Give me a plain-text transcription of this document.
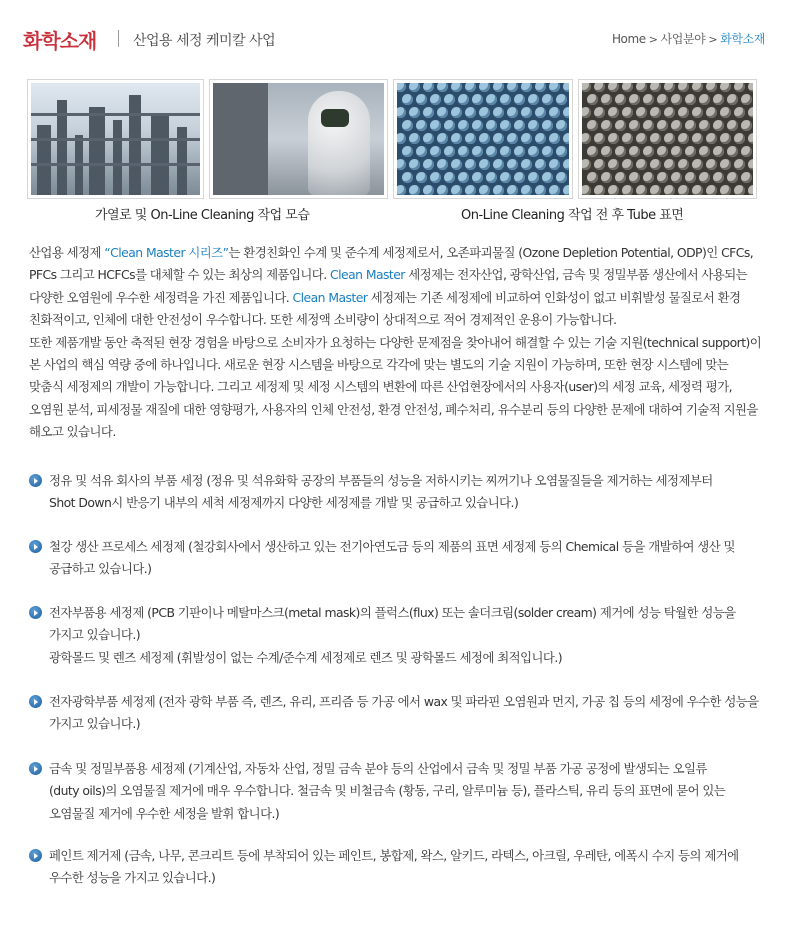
화학소재	산업용 세정 케미칼 사업	Home > 사업분야 > 화학소재
가열로 및 On-Line Cleaning 작업 모습	On-Line Cleaning 작업 전 후 Tube 표면
산업용 세정제 “Clean Master 시리즈”는 환경친화인 수계 및 준수계 세정제로서, 오존파괴물질 (Ozone Depletion Potential, ODP)인 CFCs,
PFCs 그리고 HCFCs를 대체할 수 있는 최상의 제품입니다. Clean Master 세정제는 전자산업, 광학산업, 금속 및 정밀부품 생산에서 사용되는
다양한 오염원에 우수한 세정력을 가진 제품입니다. Clean Master 세정제는 기존 세정제에 비교하여 인화성이 없고 비휘발성 물질로서 환경
친화적이고, 인체에 대한 안전성이 우수합니다. 또한 세정액 소비량이 상대적으로 적어 경제적인 운용이 가능합니다.
또한 제품개발 동안 축적된 현장 경험을 바탕으로 소비자가 요청하는 다양한 문제점을 찾아내어 해결할 수 있는 기술 지원(technical support)이
본 사업의 핵심 역량 중에 하나입니다. 새로운 현장 시스템을 바탕으로 각각에 맞는 별도의 기술 지원이 가능하며, 또한 현장 시스템에 맞는
맞춤식 세정제의 개발이 가능합니다. 그리고 세정제 및 세정 시스템의 변환에 따른 산업현장에서의 사용자(user)의 세정 교육, 세정력 평가,
오염원 분석, 피세정물 재질에 대한 영향평가, 사용자의 인체 안전성, 환경 안전성, 폐수처리, 유수분리 등의 다양한 문제에 대하여 기술적 지원을
해오고 있습니다.
정유 및 석유 회사의 부품 세정 (정유 및 석유화학 공장의 부품들의 성능을 저하시키는 찌꺼기나 오염물질들을 제거하는 세정제부터
Shot Down시 반응기 내부의 세척 세정제까지 다양한 세정제를 개발 및 공급하고 있습니다.)
철강 생산 프로세스 세정제 (철강회사에서 생산하고 있는 전기아연도금 등의 제품의 표면 세정제 등의 Chemical 등을 개발하여 생산 및
공급하고 있습니다.)
전자부품용 세정제 (PCB 기판이나 메탈마스크(metal mask)의 플럭스(flux) 또는 솔더크림(solder cream) 제거에 성능 탁월한 성능을
가지고 있습니다.)
광학몰드 및 렌즈 세정제 (휘발성이 없는 수계/준수계 세정제로 렌즈 및 광학몰드 세정에 최적입니다.)
전자광학부품 세정제 (전자 광학 부품 즉, 렌즈, 유리, 프리즘 등 가공 에서 wax 및 파라핀 오염원과 먼지, 가공 칩 등의 세정에 우수한 성능을
가지고 있습니다.)
금속 및 정밀부품용 세정제 (기계산업, 자동차 산업, 정밀 금속 분야 등의 산업에서 금속 및 정밀 부품 가공 공정에 발생되는 오일류
(duty oils)의 오염물질 제거에 매우 우수합니다. 철금속 및 비철금속 (황동, 구리, 알루미늄 등), 플라스틱, 유리 등의 표면에 묻어 있는
오염물질 제거에 우수한 세정을 발휘 합니다.)
페인트 제거제 (금속, 나무, 콘크리트 등에 부착되어 있는 페인트, 봉합제, 왁스, 알키드, 라텍스, 아크릴, 우레탄, 에폭시 수지 등의 제거에
우수한 성능을 가지고 있습니다.)
